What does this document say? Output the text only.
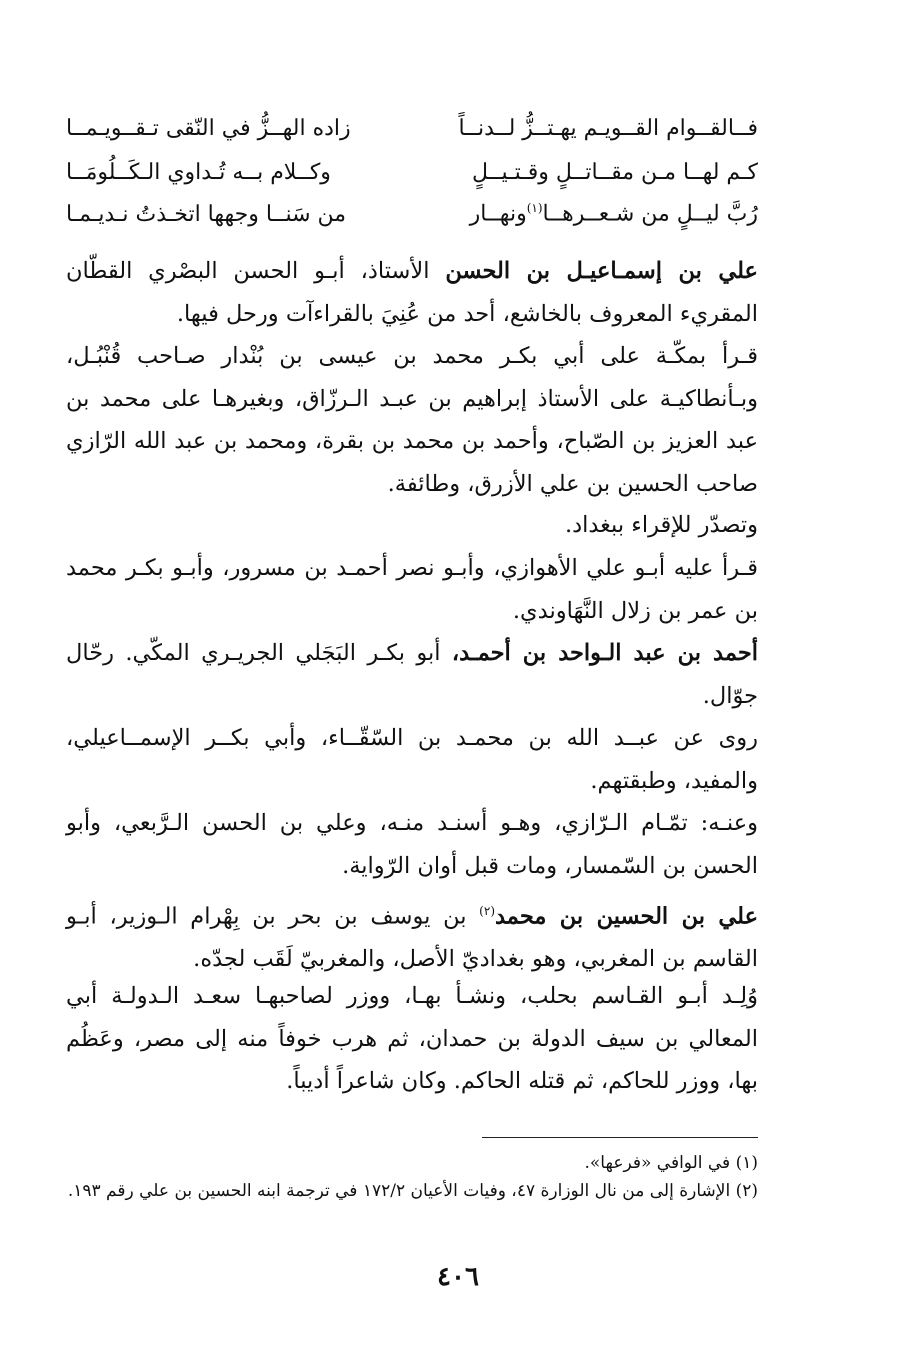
فــالقــوام القــويـم يهـتــزُّ لــدنــاً
زاده الهــزُّ في النّقى تـقــويـمــا
كـم لهــا مـن مقــاتــلٍ وقـتـيــلٍ
وكــلام بــه تُـداوي الـكَــلُومَــا
رُبَّ ليــلٍ من شـعــرهــا$^{(١)}$ونهــار
من سَنــا وجهها اتخـذتُ نـديـمـا
علي بن إسمـاعيـل بن الحسن الأستاذ، أبـو الحسن البصْري القطّان المقريء المعروف بالخاشع، أحد من عُنِيَ بالقراءآت ورحل فيها.
قـرأ بمكّـة على أبي بكـر محمد بن عيسى بن بُنْدار صـاحب قُنْبُـل، وبـأنطاكيـة على الأستاذ إبراهيم بن عبـد الـرزّاق، وبغيرهـا على محمد بن عبد العزيز بن الصّباح، وأحمد بن محمد بن بقرة، ومحمد بن عبد الله الرّازي صاحب الحسين بن علي الأزرق، وطائفة.
وتصدّر للإقراء ببغداد.
قـرأ عليه أبـو علي الأهوازي، وأبـو نصر أحمـد بن مسرور، وأبـو بكـر محمد بن عمر بن زلال النَّهَاوندي.
أحمد بن عبد الـواحد بن أحمـد، أبو بكـر البَجَلي الجريـري المكّي. رحّال جوّال.
روى عن عبــد الله بن محمـد بن السّقّــاء، وأبي بكــر الإسمــاعيلي، والمفيد، وطبقتهم.
وعنـه: تمّـام الـرّازي، وهـو أسنـد منـه، وعلي بن الحسن الـرَّبعي، وأبو الحسن بن السّمسار، ومات قبل أوان الرّواية.
علي بن الحسين بن محمد$^{(٢)}$ بن يوسف بن بحر بن بِهْرام الـوزير، أبـو القاسم بن المغربي، وهو بغداديّ الأصل، والمغربيّ لَقَب لجدّه.
وُلِـد أبـو القـاسم بحلب، ونشـأ بهـا، ووزر لصاحبهـا سعـد الـدولـة أبي المعالي بن سيف الدولة بن حمدان، ثم هرب خوفاً منه إلى مصر، وعَظُم بها، ووزر للحاكم، ثم قتله الحاكم. وكان شاعراً أديباً.
(١) في الوافي «فرعها».
(٢) الإشارة إلى من نال الوزارة ٤٧، وفيات الأعيان ١٧٢/٢ في ترجمة ابنه الحسين بن علي رقم ١٩٣.
٤٠٦
